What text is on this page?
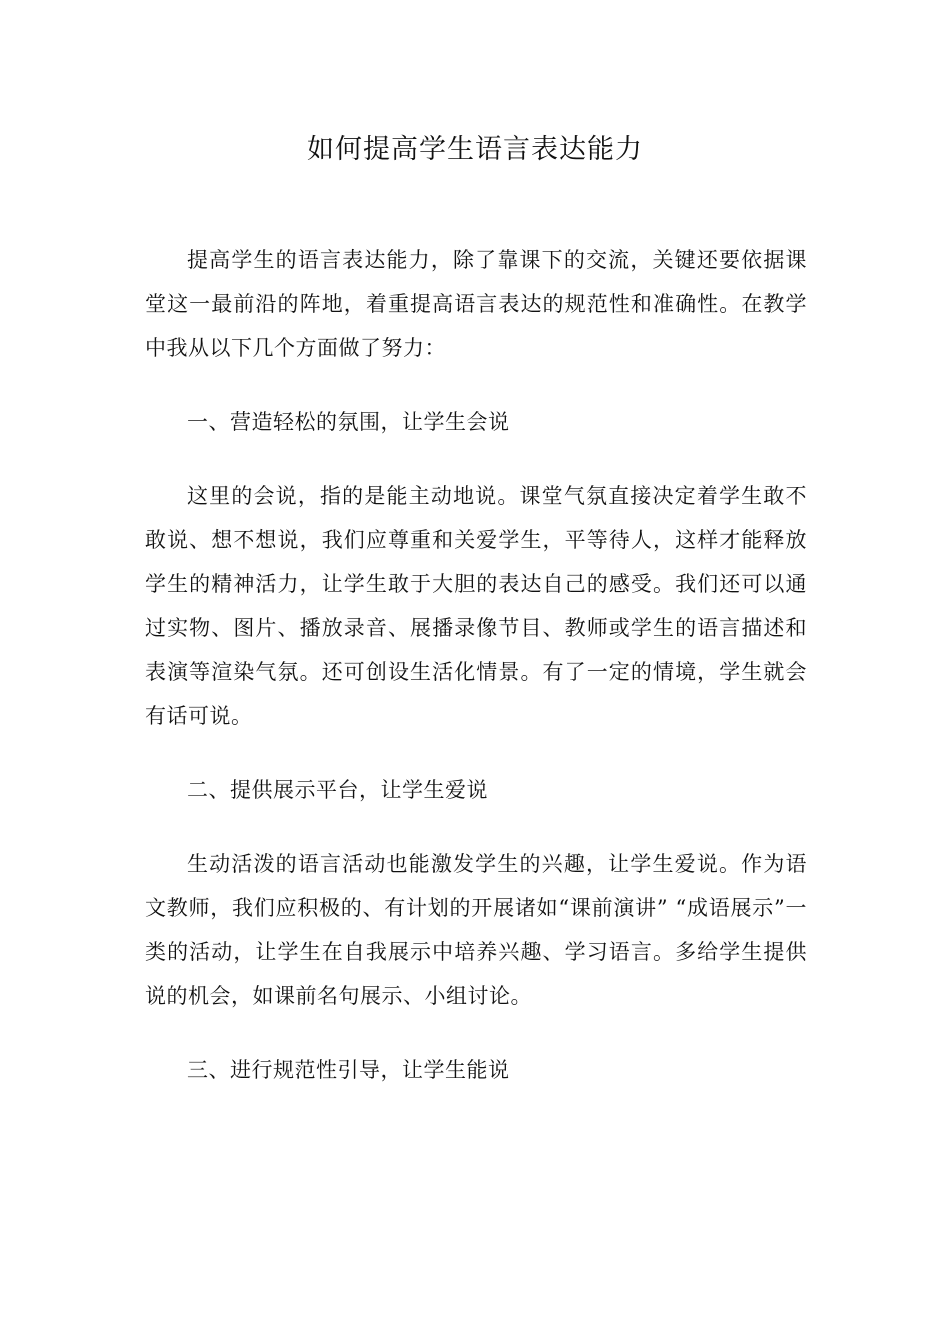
如何提高学生语言表达能力

提高学生的语言表达能力，除了靠课下的交流，关键还要依据课堂这一最前沿的阵地，着重提高语言表达的规范性和准确性。在教学中我从以下几个方面做了努力：

一、营造轻松的氛围，让学生会说

这里的会说，指的是能主动地说。课堂气氛直接决定着学生敢不敢说、想不想说，我们应尊重和关爱学生，平等待人，这样才能释放学生的精神活力，让学生敢于大胆的表达自己的感受。我们还可以通过实物、图片、播放录音、展播录像节目、教师或学生的语言描述和表演等渲染气氛。还可创设生活化情景。有了一定的情境，学生就会有话可说。

二、提供展示平台，让学生爱说

生动活泼的语言活动也能激发学生的兴趣，让学生爱说。作为语文教师，我们应积极的、有计划的开展诸如“课前演讲” “成语展示”一类的活动，让学生在自我展示中培养兴趣、学习语言。多给学生提供说的机会，如课前名句展示、小组讨论。

三、进行规范性引导，让学生能说
